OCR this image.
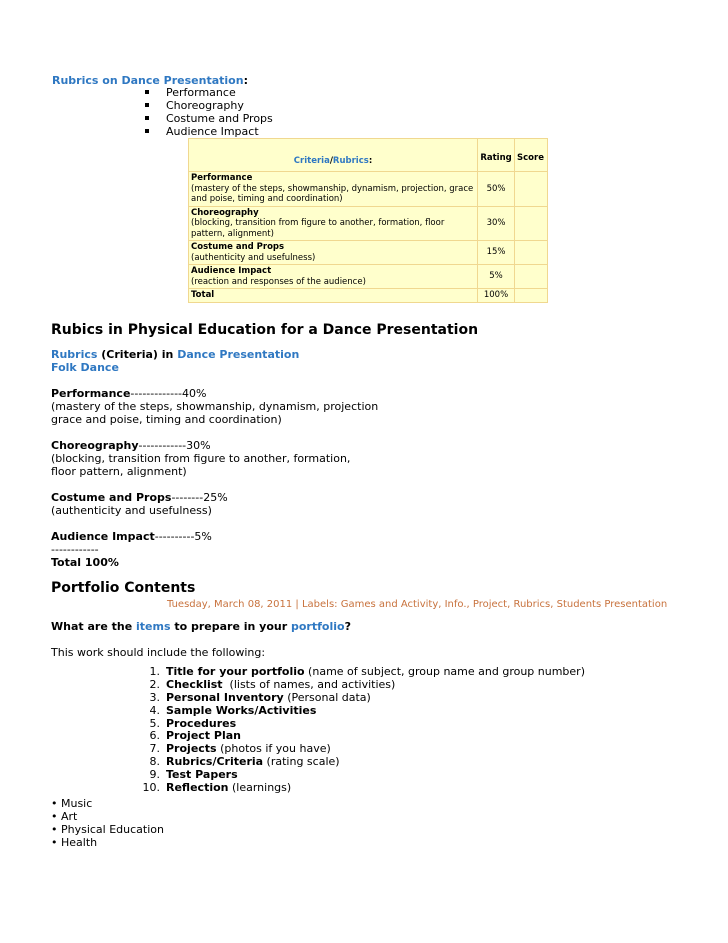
Rubrics on Dance Presentation:
Performance
Choreography
Costume and Props
Audience Impact
Criteria/Rubrics:	Rating	Score

Performance
(mastery of the steps, showmanship, dynamism, projection, grace and poise, timing and coordination)	50%	

Choreography
(blocking, transition from figure to another, formation, floor pattern, alignment)	30%	

Costume and Props
(authenticity and usefulness)	15%	

Audience Impact
(reaction and responses of the audience)	5%	
Total	100%	
Rubics in Physical Education for a Dance Presentation
Rubrics (Criteria) in Dance Presentation
Folk Dance
Performance-------------40%
(mastery of the steps, showmanship, dynamism, projection
grace and poise, timing and coordination)
Choreography------------30%
(blocking, transition from figure to another, formation,
floor pattern, alignment)
Costume and Props--------25%
(authenticity and usefulness)
Audience Impact----------5%
------------
Total 100%
Portfolio Contents
Tuesday, March 08, 2011 | Labels: Games and Activity, Info., Project, Rubrics, Students Presentation
What are the items to prepare in your portfolio?
This work should include the following:
1. Title for your portfolio (name of subject, group name and group number)
2. Checklist  (lists of names, and activities)
3. Personal Inventory (Personal data)
4. Sample Works/Activities
5. Procedures
6. Project Plan
7. Projects (photos if you have)
8. Rubrics/Criteria (rating scale)
9. Test Papers
10. Reflection (learnings)
• Music
• Art
• Physical Education
• Health
